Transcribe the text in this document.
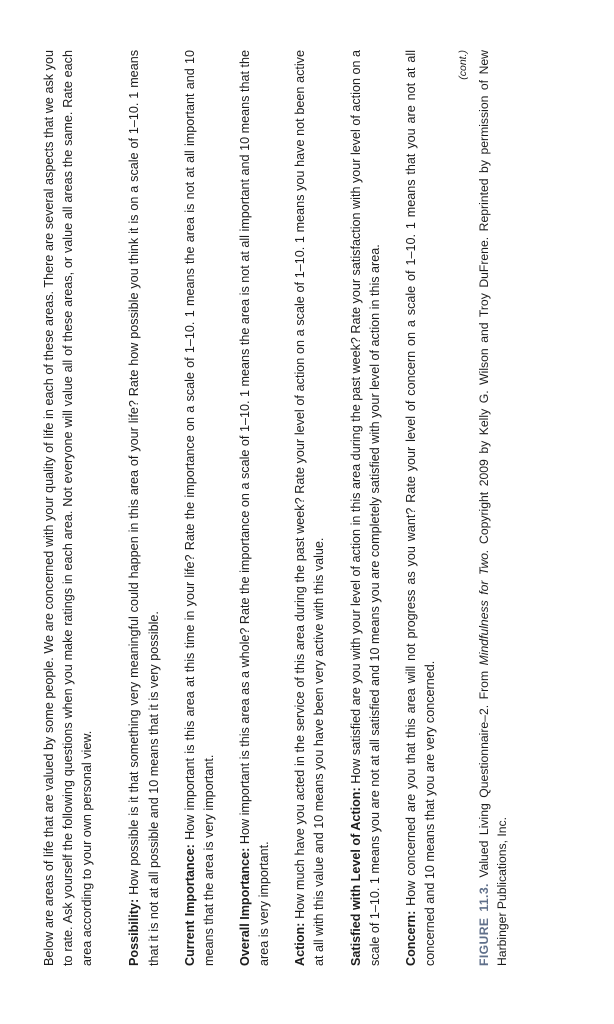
Below are areas of life that are valued by some people. We are concerned with your quality of life in each of these areas. There are several aspects that we ask you to rate. Ask yourself the following questions when you make ratings in each area. Not everyone will value all of these areas, or value all areas the same. Rate each area according to your own personal view.	Possibility: How possible is it that something very meaningful could happen in this area of your life? Rate how possible you think it is on a scale of 1–10. 1 means that it is not at all possible and 10 means that it is very possible. Current Importance: How important is this area at this time in your life? Rate the importance on a scale of 1–10. 1 means the area is not at all important and 10 means that the area is very important. Overall Importance: How important is this area as a whole? Rate the importance on a scale of 1–10. 1 means the area is not at all important and 10 means that the area is very important. Action: How much have you acted in the service of this area during the past week? Rate your level of action on a scale of 1–10. 1 means you have not been active at all with this value and 10 means you have been very active with this value. Satisfied with Level of Action: How satisfied are you with your level of action in this area during the past week? Rate your satisfaction with your level of action on a scale of 1–10. 1 means you are not at all satisfied and 10 means you are completely satisfied with your level of action in this area. Concern: How concerned are you that this area will not progress as you want? Rate your level of concern on a scale of 1–10. 1 means that you are not at all concerned and 10 means that you are very concerned.

(cont.)
FIGURE 11.3. Valued Living Questionnaire–2. From Mindfulness for Two. Copyright 2009 by Kelly G. Wilson and Troy DuFrene. Reprinted by permission of New Harbinger Publications, Inc.
